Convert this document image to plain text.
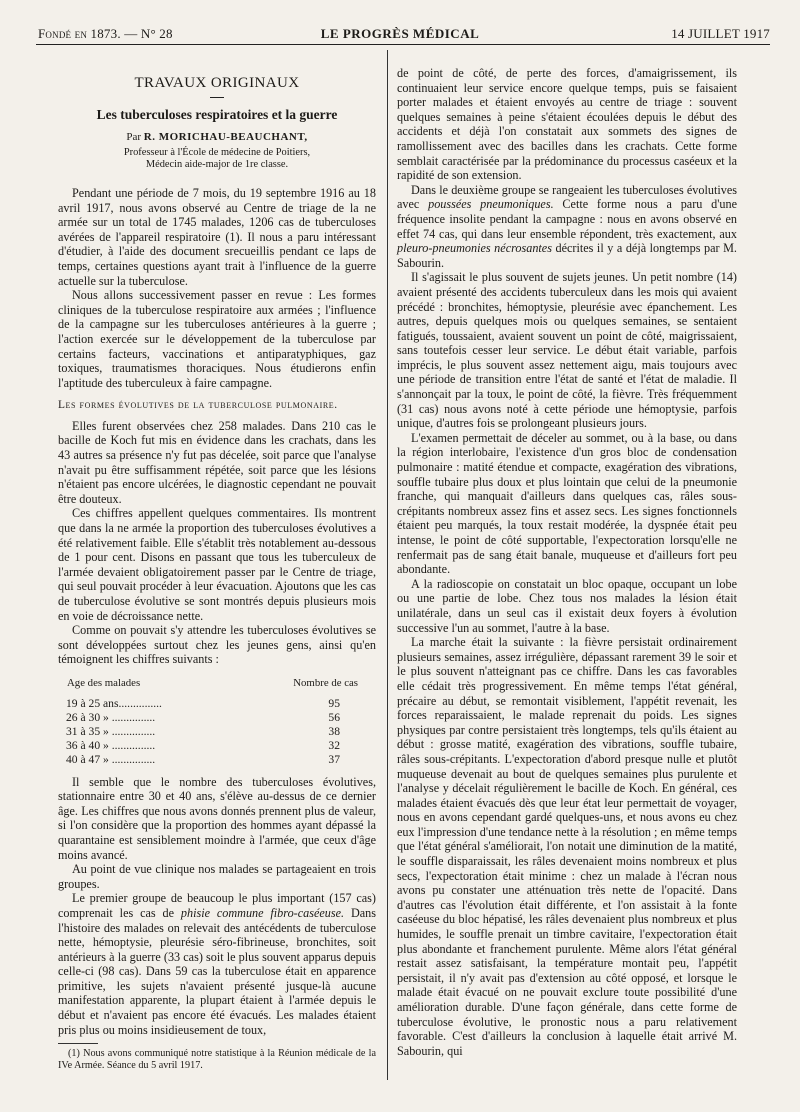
Fondé en 1873. — N° 28	LE PROGRÈS MÉDICAL	14 JUILLET 1917
TRAVAUX ORIGINAUX
Les tuberculoses respiratoires et la guerre
Par R. MORICHAU-BEAUCHANT,
Professeur à l'École de médecine de Poitiers,
Médecin aide-major de 1re classe.

Pendant une période de 7 mois, du 19 septembre 1916 au 18 avril 1917, nous avons observé au Centre de triage de la ne armée sur un total de 1745 malades, 1206 cas de tuberculoses avérées de l'appareil respiratoire (1). Il nous a paru intéressant d'étudier, à l'aide des document srecueillis pendant ce laps de temps, certaines questions ayant trait à l'influence de la guerre actuelle sur la tuberculose.

Nous allons successivement passer en revue : Les formes cliniques de la tuberculose respiratoire aux armées ; l'influence de la campagne sur les tuberculoses antérieures à la guerre ; l'action exercée sur le développement de la tuberculose par certains facteurs, vaccinations et antiparatyphiques, gaz toxiques, traumatismes thoraciques. Nous étudierons enfin l'aptitude des tuberculeux à faire campagne.

Les formes évolutives de la tuberculose pulmonaire.

Elles furent observées chez 258 malades. Dans 210 cas le bacille de Koch fut mis en évidence dans les crachats, dans les 43 autres sa présence n'y fut pas décelée, soit parce que l'analyse n'avait pu être suffisamment répétée, soit parce que les lésions n'étaient pas encore ulcérées, le diagnostic cependant ne pouvait être douteux.

Ces chiffres appellent quelques commentaires. Ils montrent que dans la ne armée la proportion des tuberculoses évolutives a été relativement faible. Elle s'établit très notablement au-dessous de 1 pour cent. Disons en passant que tous les tuberculeux de l'armée devaient obligatoirement passer par le Centre de triage, qui seul pouvait procéder à leur évacuation. Ajoutons que les cas de tuberculose évolutive se sont montrés depuis plusieurs mois en voie de décroissance nette.

Comme on pouvait s'y attendre les tuberculoses évolutives se sont développées surtout chez les jeunes gens, ainsi qu'en témoignent les chiffres suivants :

Age des malades	Nombre de cas
19 à 25 ans...............	95
26 à 30 » ...............	56
31 à 35 » ...............	38
36 à 40 » ...............	32
40 à 47 » ...............	37

Il semble que le nombre des tuberculoses évolutives, stationnaire entre 30 et 40 ans, s'élève au-dessus de ce dernier âge. Les chiffres que nous avons donnés prennent plus de valeur, si l'on considère que la proportion des hommes ayant dépassé la quarantaine est sensiblement moindre à l'armée, que ceux d'âge moins avancé.

Au point de vue clinique nos malades se partageaient en trois groupes.

Le premier groupe de beaucoup le plus important (157 cas) comprenait les cas de phisie commune fibro-caséeuse. Dans l'histoire des malades on relevait des antécédents de tuberculose nette, hémoptysie, pleurésie séro-fibrineuse, bronchites, soit antérieurs à la guerre (33 cas) soit le plus souvent apparus depuis celle-ci (98 cas). Dans 59 cas la tuberculose était en apparence primitive, les sujets n'avaient présenté jusque-là aucune manifestation apparente, la plupart étaient à l'armée depuis le début et n'avaient pas encore été évacués. Les malades étaient pris plus ou moins insidieusement de toux,

(1) Nous avons communiqué notre statistique à la Réunion médicale de la IVe Armée. Séance du 5 avril 1917.

de point de côté, de perte des forces, d'amaigrissement, ils continuaient leur service encore quelque temps, puis se faisaient porter malades et étaient envoyés au centre de triage : souvent quelques semaines à peine s'étaient écoulées depuis le début des accidents et déjà l'on constatait aux sommets des signes de ramollissement avec des bacilles dans les crachats. Cette forme semblait caractérisée par la prédominance du processus caséeux et la rapidité de son extension.

Dans le deuxième groupe se rangeaient les tuberculoses évolutives avec poussées pneumoniques. Cette forme nous a paru d'une fréquence insolite pendant la campagne : nous en avons observé en effet 74 cas, qui dans leur ensemble répondent, très exactement, aux pleuro-pneumonies nécrosantes décrites il y a déjà longtemps par M. Sabourin.

Il s'agissait le plus souvent de sujets jeunes. Un petit nombre (14) avaient présenté des accidents tuberculeux dans les mois qui avaient précédé : bronchites, hémoptysie, pleurésie avec épanchement. Les autres, depuis quelques mois ou quelques semaines, se sentaient fatigués, toussaient, avaient souvent un point de côté, maigrissaient, sans toutefois cesser leur service. Le début était variable, parfois imprécis, le plus souvent assez nettement aigu, mais toujours avec une période de transition entre l'état de santé et l'état de maladie. Il s'annonçait par la toux, le point de côté, la fièvre. Très fréquemment (31 cas) nous avons noté à cette période une hémoptysie, parfois unique, d'autres fois se prolongeant plusieurs jours.

L'examen permettait de déceler au sommet, ou à la base, ou dans la région interlobaire, l'existence d'un gros bloc de condensation pulmonaire : matité étendue et compacte, exagération des vibrations, souffle tubaire plus doux et plus lointain que celui de la pneumonie franche, qui manquait d'ailleurs dans quelques cas, râles sous-crépitants nombreux assez fins et assez secs. Les signes fonctionnels étaient peu marqués, la toux restait modérée, la dyspnée était peu intense, le point de côté supportable, l'expectoration lorsqu'elle ne renfermait pas de sang était banale, muqueuse et d'ailleurs fort peu abondante.

A la radioscopie on constatait un bloc opaque, occupant un lobe ou une partie de lobe. Chez tous nos malades la lésion était unilatérale, dans un seul cas il existait deux foyers à évolution successive l'un au sommet, l'autre à la base.

La marche était la suivante : la fièvre persistait ordinairement plusieurs semaines, assez irrégulière, dépassant rarement 39 le soir et le plus souvent n'atteignant pas ce chiffre. Dans les cas favorables elle cédait très progressivement. En même temps l'état général, précaire au début, se remontait visiblement, l'appétit revenait, les forces reparaissaient, le malade reprenait du poids. Les signes physiques par contre persistaient très longtemps, tels qu'ils étaient au début : grosse matité, exagération des vibrations, souffle tubaire, râles sous-crépitants. L'expectoration d'abord presque nulle et plutôt muqueuse devenait au bout de quelques semaines plus purulente et l'analyse y décelait régulièrement le bacille de Koch. En général, ces malades étaient évacués dès que leur état leur permettait de voyager, nous en avons cependant gardé quelques-uns, et nous avons eu chez eux l'impression d'une tendance nette à la résolution ; en même temps que l'état général s'améliorait, l'on notait une diminution de la matité, le souffle disparaissait, les râles devenaient moins nombreux et plus secs, l'expectoration était minime : chez un malade à l'écran nous avons pu constater une atténuation très nette de l'opacité. Dans d'autres cas l'évolution était différente, et l'on assistait à la fonte caséeuse du bloc hépatisé, les râles devenaient plus nombreux et plus humides, le souffle prenait un timbre cavitaire, l'expectoration était plus abondante et franchement purulente. Même alors l'état général restait assez satisfaisant, la température montait peu, l'appétit persistait, il n'y avait pas d'extension au côté opposé, et lorsque le malade était évacué on ne pouvait exclure toute possibilité d'une amélioration durable. D'une façon générale, dans cette forme de tuberculose évolutive, le pronostic nous a paru relativement favorable. C'est d'ailleurs la conclusion à laquelle était arrivé M. Sabourin, qui
